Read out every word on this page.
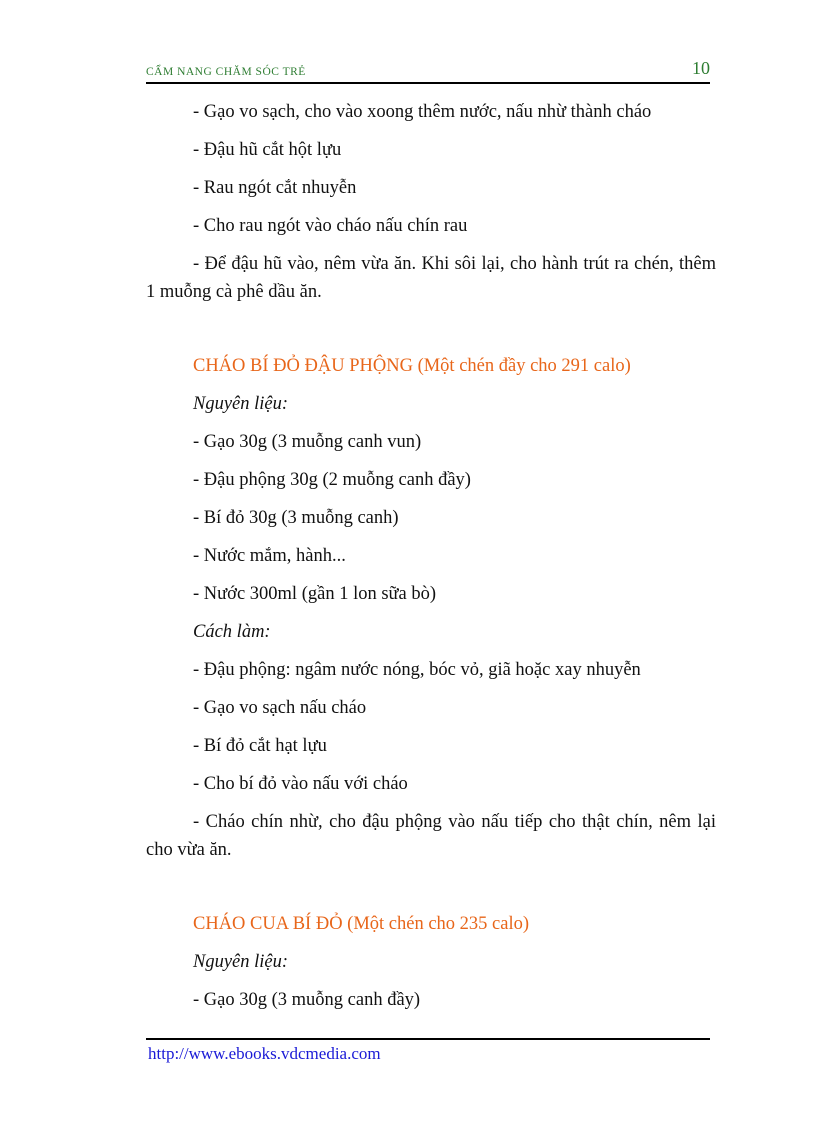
CẨM NANG CHĂM SÓC TRẺ	10

- Gạo vo sạch, cho vào xoong thêm nước, nấu nhừ thành cháo

- Đậu hũ cắt hột lựu

- Rau ngót cắt nhuyễn

- Cho rau ngót vào cháo nấu chín rau

- Để đậu hũ vào, nêm vừa ăn. Khi sôi lại, cho hành trút ra chén, thêm 1 muỗng cà phê dầu ăn.

CHÁO BÍ ĐỎ ĐẬU PHỘNG (Một chén đầy cho 291 calo)

Nguyên liệu:

- Gạo 30g (3 muỗng canh vun)

- Đậu phộng 30g (2 muỗng canh đầy)

- Bí đỏ 30g (3 muỗng canh)

- Nước mắm, hành...

- Nước 300ml (gần 1 lon sữa bò)

Cách làm:

- Đậu phộng: ngâm nước nóng, bóc vỏ, giã hoặc xay nhuyễn

- Gạo vo sạch nấu cháo

- Bí đỏ cắt hạt lựu

- Cho bí đỏ vào nấu với cháo

- Cháo chín nhừ, cho đậu phộng vào nấu tiếp cho thật chín, nêm lại cho vừa ăn.

CHÁO CUA BÍ ĐỎ (Một chén cho 235 calo)

Nguyên liệu:

- Gạo 30g (3 muỗng canh đầy)

http://www.ebooks.vdcmedia.com
